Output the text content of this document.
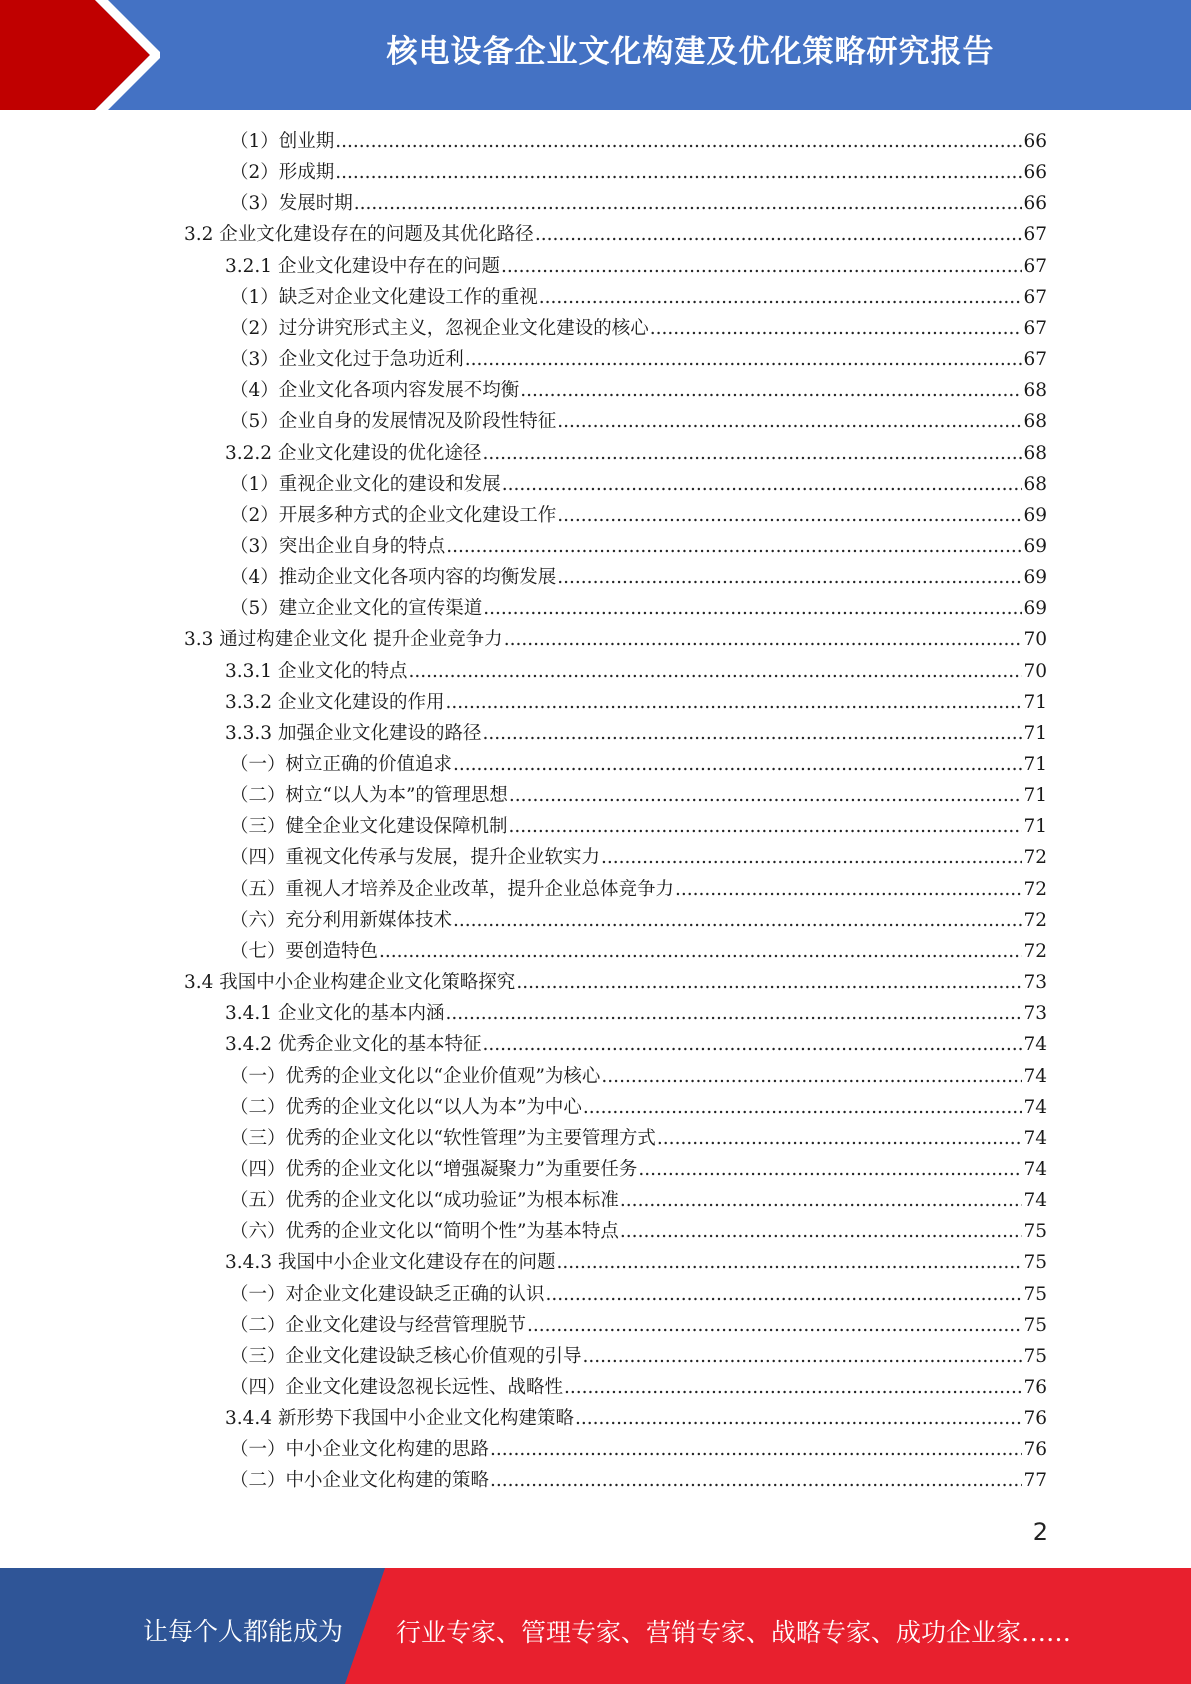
核电设备企业文化构建及优化策略研究报告
（1）创业期 .....	66
（2）形成期 .....	66
（3）发展时期 .....	66
3.2 企业文化建设存在的问题及其优化路径 .....	67
3.2.1 企业文化建设中存在的问题 .....	67
（1）缺乏对企业文化建设工作的重视 .....	67
（2）过分讲究形式主义，忽视企业文化建设的核心 .....	67
（3）企业文化过于急功近利 .....	67
（4）企业文化各项内容发展不均衡 .....	68
（5）企业自身的发展情况及阶段性特征 .....	68
3.2.2 企业文化建设的优化途径 .....	68
（1）重视企业文化的建设和发展 .....	68
（2）开展多种方式的企业文化建设工作 .....	69
（3）突出企业自身的特点 .....	69
（4）推动企业文化各项内容的均衡发展 .....	69
（5）建立企业文化的宣传渠道 .....	69
3.3 通过构建企业文化 提升企业竞争力 .....	70
3.3.1 企业文化的特点 .....	70
3.3.2 企业文化建设的作用 .....	71
3.3.3 加强企业文化建设的路径 .....	71
（一）树立正确的价值追求 .....	71
（二）树立“以人为本”的管理思想 .....	71
（三）健全企业文化建设保障机制 .....	71
（四）重视文化传承与发展，提升企业软实力 .....	72
（五）重视人才培养及企业改革，提升企业总体竞争力 .....	72
（六）充分利用新媒体技术 .....	72
（七）要创造特色 .....	72
3.4 我国中小企业构建企业文化策略探究 .....	73
3.4.1 企业文化的基本内涵 .....	73
3.4.2 优秀企业文化的基本特征 .....	74
（一）优秀的企业文化以“企业价值观”为核心 .....	74
（二）优秀的企业文化以“以人为本”为中心 .....	74
（三）优秀的企业文化以“软性管理”为主要管理方式 .....	74
（四）优秀的企业文化以“增强凝聚力”为重要任务 .....	74
（五）优秀的企业文化以“成功验证”为根本标准 .....	74
（六）优秀的企业文化以“简明个性”为基本特点 .....	75
3.4.3 我国中小企业文化建设存在的问题 .....	75
（一）对企业文化建设缺乏正确的认识 .....	75
（二）企业文化建设与经营管理脱节 .....	75
（三）企业文化建设缺乏核心价值观的引导 .....	75
（四）企业文化建设忽视长远性、战略性 .....	76
3.4.4 新形势下我国中小企业文化构建策略 .....	76
（一）中小企业文化构建的思路 .....	76
（二）中小企业文化构建的策略 .....	77
2
让每个人都能成为 行业专家、管理专家、营销专家、战略专家、成功企业家……
